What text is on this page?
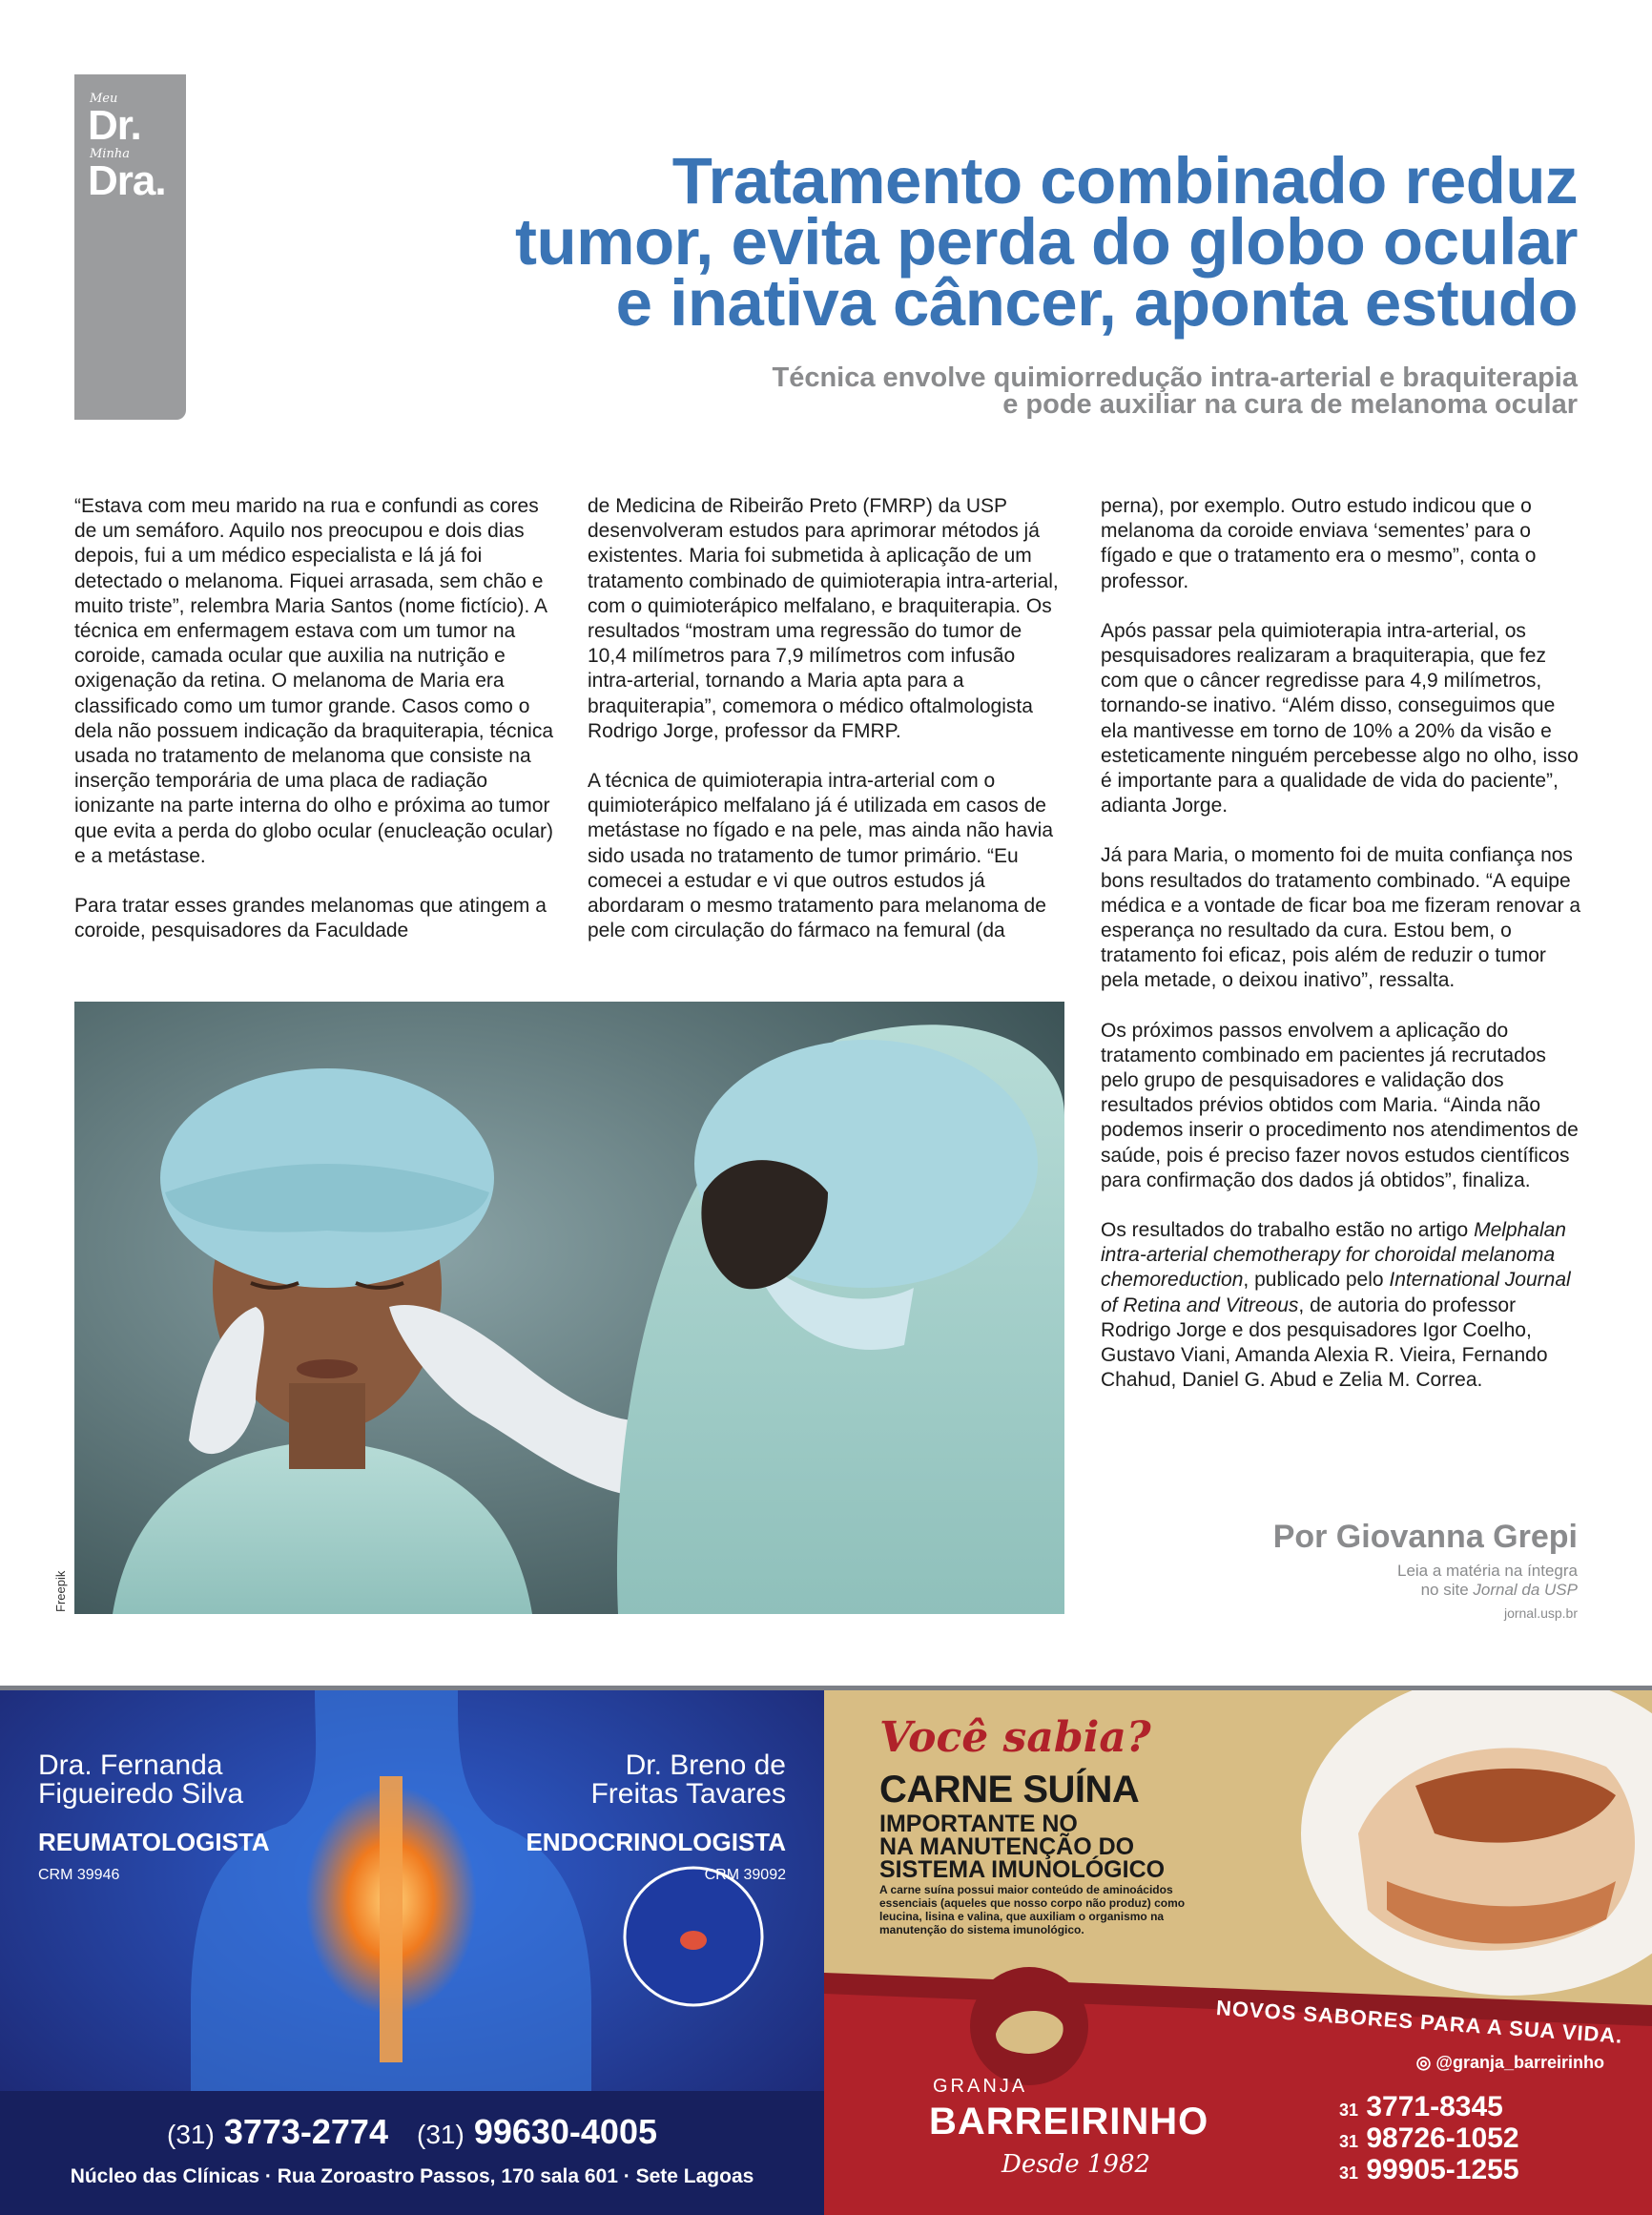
Meu
Dr.
Minha
Dra.	Tratamento combinado reduz
tumor, evita perda do globo ocular
e inativa câncer, aponta estudo
Técnica envolve quimiorredução intra-arterial e braquiterapia
e pode auxiliar na cura de melanoma ocular

“Estava com meu marido na rua e confundi as cores de um semáforo. Aquilo nos preocupou e dois dias depois, fui a um médico especialista e lá já foi detectado o melanoma. Fiquei arrasada, sem chão e muito triste”, relembra Maria Santos (nome fictício). A técnica em enfermagem estava com um tumor na coroide, camada ocular que auxilia na nutrição e oxigenação da retina. O melanoma de Maria era classificado como um tumor grande. Casos como o dela não possuem indicação da braquiterapia, técnica usada no tratamento de melanoma que consiste na inserção temporária de uma placa de radiação ionizante na parte interna do olho e próxima ao tumor que evita a perda do globo ocular (enucleação ocular) e a metástase.

Para tratar esses grandes melanomas que atingem a coroide, pesquisadores da Faculdade

de Medicina de Ribeirão Preto (FMRP) da USP desenvolveram estudos para aprimorar métodos já existentes. Maria foi submetida à aplicação de um tratamento combinado de quimioterapia intra-arterial, com o quimioterápico melfalano, e braquiterapia. Os resultados “mostram uma regressão do tumor de 10,4 milímetros para 7,9 milímetros com infusão intra-arterial, tornando a Maria apta para a braquiterapia”, comemora o médico oftalmologista Rodrigo Jorge, professor da FMRP.

A técnica de quimioterapia intra-arterial com o quimioterápico melfalano já é utilizada em casos de metástase no fígado e na pele, mas ainda não havia sido usada no tratamento de tumor primário. “Eu comecei a estudar e vi que outros estudos já abordaram o mesmo tratamento para melanoma de pele com circulação do fármaco na femural (da

perna), por exemplo. Outro estudo indicou que o melanoma da coroide enviava ‘sementes’ para o fígado e que o tratamento era o mesmo”, conta o professor.

Após passar pela quimioterapia intra-arterial, os pesquisadores realizaram a braquiterapia, que fez com que o câncer regredisse para 4,9 milímetros, tornando-se inativo. “Além disso, conseguimos que ela mantivesse em torno de 10% a 20% da visão e esteticamente ninguém percebesse algo no olho, isso é importante para a qualidade de vida do paciente”, adianta Jorge.

Já para Maria, o momento foi de muita confiança nos bons resultados do tratamento combinado. “A equipe médica e a vontade de ficar boa me fizeram renovar a esperança no resultado da cura. Estou bem, o tratamento foi eficaz, pois além de reduzir o tumor pela metade, o deixou inativo”, ressalta.

Os próximos passos envolvem a aplicação do tratamento combinado em pacientes já recrutados pelo grupo de pesquisadores e validação dos resultados prévios obtidos com Maria. “Ainda não podemos inserir o procedimento nos atendimentos de saúde, pois é preciso fazer novos estudos científicos para confirmação dos dados já obtidos”, finaliza.

Os resultados do trabalho estão no artigo Melphalan intra-arterial chemotherapy for choroidal melanoma chemoreduction, publicado pelo International Journal of Retina and Vitreous, de autoria do professor Rodrigo Jorge e dos pesquisadores Igor Coelho, Gustavo Viani, Amanda Alexia R. Vieira, Fernando Chahud, Daniel G. Abud e Zelia M. Correa.

Freepik
Por Giovanna Grepi
Leia a matéria na íntegra
no site Jornal da USP
jornal.usp.br
Dra. Fernanda
Figueiredo Silva
REUMATOLOGISTA
CRM 39946
Dr. Breno de
Freitas Tavares
ENDOCRINOLOGISTA
CRM 39092
(31) 3773-2774 (31) 99630-4005
Núcleo das Clínicas · Rua Zoroastro Passos, 170 sala 601 · Sete Lagoas
Você sabia?
CARNE SUÍNA
IMPORTANTE NO
NA MANUTENÇÃO DO
SISTEMA IMUNOLÓGICO
A carne suína possui maior conteúdo de aminoácidos essenciais (aqueles que nosso corpo não produz) como leucina, lisina e valina, que auxiliam o organismo na manutenção do sistema imunológico.
NOVOS SABORES PARA A SUA VIDA.
GRANJA
BARREIRINHO
Desde 1982
◎ @granja_barreirinho
31 3771-8345
31 98726-1052
31 99905-1255
